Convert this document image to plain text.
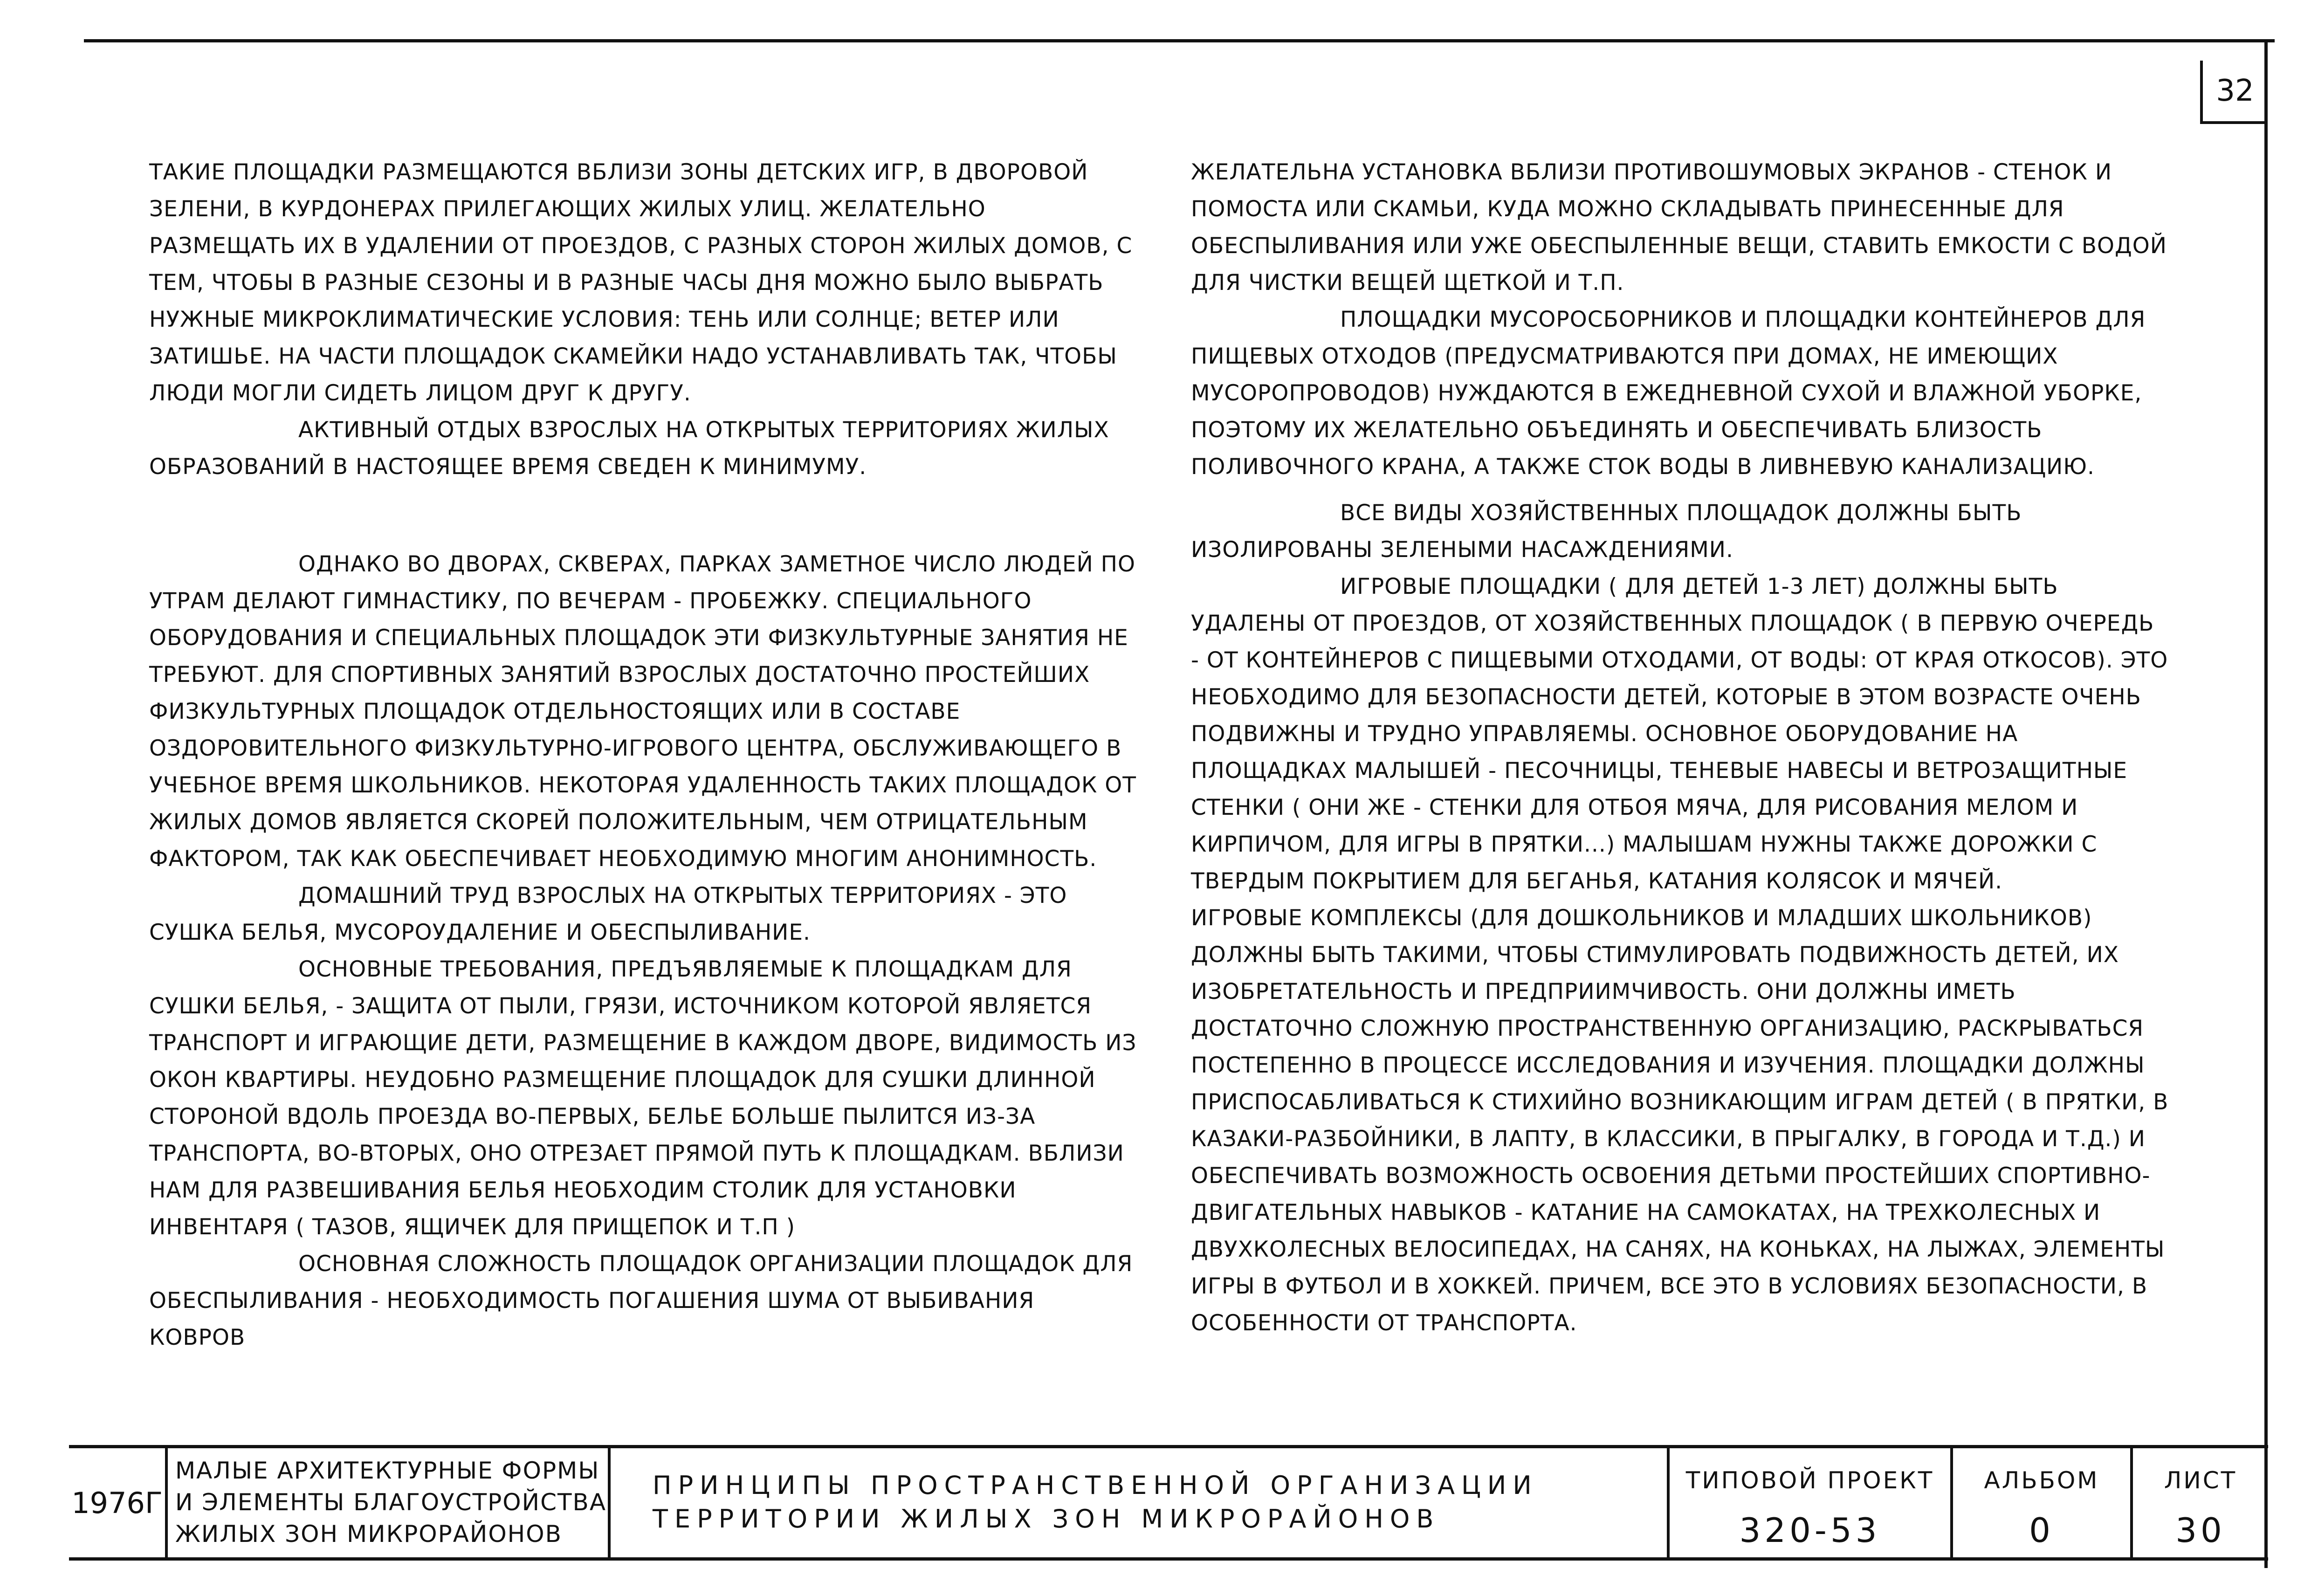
32

ТАКИЕ ПЛОЩАДКИ РАЗМЕЩАЮТСЯ ВБЛИЗИ ЗОНЫ ДЕТСКИХ ИГР, В ДВОРОВОЙ ЗЕЛЕНИ, В КУРДОНЕРАХ ПРИЛЕГАЮЩИХ ЖИЛЫХ УЛИЦ. ЖЕЛАТЕЛЬНО РАЗМЕЩАТЬ ИХ В УДАЛЕНИИ ОТ ПРОЕЗДОВ, С РАЗНЫХ СТОРОН ЖИЛЫХ ДОМОВ, С ТЕМ, ЧТОБЫ В РАЗНЫЕ СЕЗОНЫ И В РАЗНЫЕ ЧАСЫ ДНЯ МОЖНО БЫЛО ВЫБРАТЬ НУЖНЫЕ МИКРОКЛИМАТИЧЕСКИЕ УСЛОВИЯ: ТЕНЬ ИЛИ СОЛНЦЕ; ВЕТЕР ИЛИ ЗАТИШЬЕ. НА ЧАСТИ ПЛОЩАДОК СКАМЕЙКИ НАДО УСТАНАВЛИВАТЬ ТАК, ЧТОБЫ ЛЮДИ МОГЛИ СИДЕТЬ ЛИЦОМ ДРУГ К ДРУГУ.

АКТИВНЫЙ ОТДЫХ ВЗРОСЛЫХ НА ОТКРЫТЫХ ТЕРРИТОРИЯХ ЖИЛЫХ ОБРАЗОВАНИЙ В НАСТОЯЩЕЕ ВРЕМЯ СВЕДЕН К МИНИМУМУ.

ОДНАКО ВО ДВОРАХ, СКВЕРАХ, ПАРКАХ ЗАМЕТНОЕ ЧИСЛО ЛЮДЕЙ ПО УТРАМ ДЕЛАЮТ ГИМНАСТИКУ, ПО ВЕЧЕРАМ - ПРОБЕЖКУ. СПЕЦИАЛЬНОГО ОБОРУДОВАНИЯ И СПЕЦИАЛЬНЫХ ПЛОЩАДОК ЭТИ ФИЗКУЛЬТУРНЫЕ ЗАНЯТИЯ НЕ ТРЕБУЮТ. ДЛЯ СПОРТИВНЫХ ЗАНЯТИЙ ВЗРОСЛЫХ ДОСТАТОЧНО ПРОСТЕЙШИХ ФИЗКУЛЬТУРНЫХ ПЛОЩАДОК ОТДЕЛЬНОСТОЯЩИХ ИЛИ В СОСТАВЕ ОЗДОРОВИТЕЛЬНОГО ФИЗКУЛЬТУРНО-ИГРОВОГО ЦЕНТРА, ОБСЛУЖИВАЮЩЕГО В УЧЕБНОЕ ВРЕМЯ ШКОЛЬНИКОВ. НЕКОТОРАЯ УДАЛЕННОСТЬ ТАКИХ ПЛОЩАДОК ОТ ЖИЛЫХ ДОМОВ ЯВЛЯЕТСЯ СКОРЕЙ ПОЛОЖИТЕЛЬНЫМ, ЧЕМ ОТРИЦАТЕЛЬНЫМ ФАКТОРОМ, ТАК КАК ОБЕСПЕЧИВАЕТ НЕОБХОДИМУЮ МНОГИМ АНОНИМНОСТЬ.

ДОМАШНИЙ ТРУД ВЗРОСЛЫХ НА ОТКРЫТЫХ ТЕРРИТОРИЯХ - ЭТО СУШКА БЕЛЬЯ, МУСОРОУДАЛЕНИЕ И ОБЕСПЫЛИВАНИЕ.

ОСНОВНЫЕ ТРЕБОВАНИЯ, ПРЕДЪЯВЛЯЕМЫЕ К ПЛОЩАДКАМ ДЛЯ СУШКИ БЕЛЬЯ, - ЗАЩИТА ОТ ПЫЛИ, ГРЯЗИ, ИСТОЧНИКОМ КОТОРОЙ ЯВЛЯЕТСЯ ТРАНСПОРТ И ИГРАЮЩИЕ ДЕТИ, РАЗМЕЩЕНИЕ В КАЖДОМ ДВОРЕ, ВИДИМОСТЬ ИЗ ОКОН КВАРТИРЫ. НЕУДОБНО РАЗМЕЩЕНИЕ ПЛОЩАДОК ДЛЯ СУШКИ ДЛИННОЙ СТОРОНОЙ ВДОЛЬ ПРОЕЗДА ВО-ПЕРВЫХ, БЕЛЬЕ БОЛЬШЕ ПЫЛИТСЯ ИЗ-ЗА ТРАНСПОРТА, ВО-ВТОРЫХ, ОНО ОТРЕЗАЕТ ПРЯМОЙ ПУТЬ К ПЛОЩАДКАМ. ВБЛИЗИ НАМ ДЛЯ РАЗВЕШИВАНИЯ БЕЛЬЯ НЕОБХОДИМ СТОЛИК ДЛЯ УСТАНОВКИ ИНВЕНТАРЯ ( ТАЗОВ, ЯЩИЧЕК ДЛЯ ПРИЩЕПОК И Т.П )

ОСНОВНАЯ СЛОЖНОСТЬ ПЛОЩАДОК ОРГАНИЗАЦИИ ПЛОЩАДОК ДЛЯ ОБЕСПЫЛИВАНИЯ - НЕОБХОДИМОСТЬ ПОГАШЕНИЯ ШУМА ОТ ВЫБИВАНИЯ КОВРОВ

ЖЕЛАТЕЛЬНА УСТАНОВКА ВБЛИЗИ ПРОТИВОШУМОВЫХ ЭКРАНОВ - СТЕНОК И ПОМОСТА ИЛИ СКАМЬИ, КУДА МОЖНО СКЛАДЫВАТЬ ПРИНЕСЕННЫЕ ДЛЯ ОБЕСПЫЛИВАНИЯ ИЛИ УЖЕ ОБЕСПЫЛЕННЫЕ ВЕЩИ, СТАВИТЬ ЕМКОСТИ С ВОДОЙ ДЛЯ ЧИСТКИ ВЕЩЕЙ ЩЕТКОЙ И Т.П.

ПЛОЩАДКИ МУСОРОСБОРНИКОВ И ПЛОЩАДКИ КОНТЕЙНЕРОВ ДЛЯ ПИЩЕВЫХ ОТХОДОВ (ПРЕДУСМАТРИВАЮТСЯ ПРИ ДОМАХ, НЕ ИМЕЮЩИХ МУСОРОПРОВОДОВ) НУЖДАЮТСЯ В ЕЖЕДНЕВНОЙ СУХОЙ И ВЛАЖНОЙ УБОРКЕ, ПОЭТОМУ ИХ ЖЕЛАТЕЛЬНО ОБЪЕДИНЯТЬ И ОБЕСПЕЧИВАТЬ БЛИЗОСТЬ ПОЛИВОЧНОГО КРАНА, А ТАКЖЕ СТОК ВОДЫ В ЛИВНЕВУЮ КАНАЛИЗАЦИЮ.

ВСЕ ВИДЫ ХОЗЯЙСТВЕННЫХ ПЛОЩАДОК ДОЛЖНЫ БЫТЬ ИЗОЛИРОВАНЫ ЗЕЛЕНЫМИ НАСАЖДЕНИЯМИ.

ИГРОВЫЕ ПЛОЩАДКИ ( ДЛЯ ДЕТЕЙ 1-3 ЛЕТ) ДОЛЖНЫ БЫТЬ УДАЛЕНЫ ОТ ПРОЕЗДОВ, ОТ ХОЗЯЙСТВЕННЫХ ПЛОЩАДОК ( В ПЕРВУЮ ОЧЕРЕДЬ - ОТ КОНТЕЙНЕРОВ С ПИЩЕВЫМИ ОТХОДАМИ, ОТ ВОДЫ: ОТ КРАЯ ОТКОСОВ). ЭТО НЕОБХОДИМО ДЛЯ БЕЗОПАСНОСТИ ДЕТЕЙ, КОТОРЫЕ В ЭТОМ ВОЗРАСТЕ ОЧЕНЬ ПОДВИЖНЫ И ТРУДНО УПРАВЛЯЕМЫ. ОСНОВНОЕ ОБОРУДОВАНИЕ НА ПЛОЩАДКАХ МАЛЫШЕЙ - ПЕСОЧНИЦЫ, ТЕНЕВЫЕ НАВЕСЫ И ВЕТРОЗАЩИТНЫЕ СТЕНКИ ( ОНИ ЖЕ - СТЕНКИ ДЛЯ ОТБОЯ МЯЧА, ДЛЯ РИСОВАНИЯ МЕЛОМ И КИРПИЧОМ, ДЛЯ ИГРЫ В ПРЯТКИ...) МАЛЫШАМ НУЖНЫ ТАКЖЕ ДОРОЖКИ С ТВЕРДЫМ ПОКРЫТИЕМ ДЛЯ БЕГАНЬЯ, КАТАНИЯ КОЛЯСОК И МЯЧЕЙ.

ИГРОВЫЕ КОМПЛЕКСЫ (ДЛЯ ДОШКОЛЬНИКОВ И МЛАДШИХ ШКОЛЬНИКОВ) ДОЛЖНЫ БЫТЬ ТАКИМИ, ЧТОБЫ СТИМУЛИРОВАТЬ ПОДВИЖНОСТЬ ДЕТЕЙ, ИХ ИЗОБРЕТАТЕЛЬНОСТЬ И ПРЕДПРИИМЧИВОСТЬ. ОНИ ДОЛЖНЫ ИМЕТЬ ДОСТАТОЧНО СЛОЖНУЮ ПРОСТРАНСТВЕННУЮ ОРГАНИЗАЦИЮ, РАСКРЫВАТЬСЯ ПОСТЕПЕННО В ПРОЦЕССЕ ИССЛЕДОВАНИЯ И ИЗУЧЕНИЯ. ПЛОЩАДКИ ДОЛЖНЫ ПРИСПОСАБЛИВАТЬСЯ К СТИХИЙНО ВОЗНИКАЮЩИМ ИГРАМ ДЕТЕЙ ( В ПРЯТКИ, В КАЗАКИ-РАЗБОЙНИКИ, В ЛАПТУ, В КЛАССИКИ, В ПРЫГАЛКУ, В ГОРОДА И Т.Д.) И ОБЕСПЕЧИВАТЬ ВОЗМОЖНОСТЬ ОСВОЕНИЯ ДЕТЬМИ ПРОСТЕЙШИХ СПОРТИВНО-ДВИГАТЕЛЬНЫХ НАВЫКОВ - КАТАНИЕ НА САМОКАТАХ, НА ТРЕХКОЛЕСНЫХ И ДВУХКОЛЕСНЫХ ВЕЛОСИПЕДАХ, НА САНЯХ, НА КОНЬКАХ, НА ЛЫЖАХ, ЭЛЕМЕНТЫ ИГРЫ В ФУТБОЛ И В ХОККЕЙ. ПРИЧЕМ, ВСЕ ЭТО В УСЛОВИЯХ БЕЗОПАСНОСТИ, В ОСОБЕННОСТИ ОТ ТРАНСПОРТА.

1976Г
МАЛЫЕ АРХИТЕКТУРНЫЕ ФОРМЫ И ЭЛЕМЕНТЫ БЛАГОУСТРОЙСТВА ЖИЛЫХ ЗОН МИКРОРАЙОНОВ
ПРИНЦИПЫ ПРОСТРАНСТВЕННОЙ ОРГАНИЗАЦИИ ТЕРРИТОРИИ ЖИЛЫХ ЗОН МИКРОРАЙОНОВ
ТИПОВОЙ ПРОЕКТ
320-53
АЛЬБОМ
0
ЛИСТ
30
